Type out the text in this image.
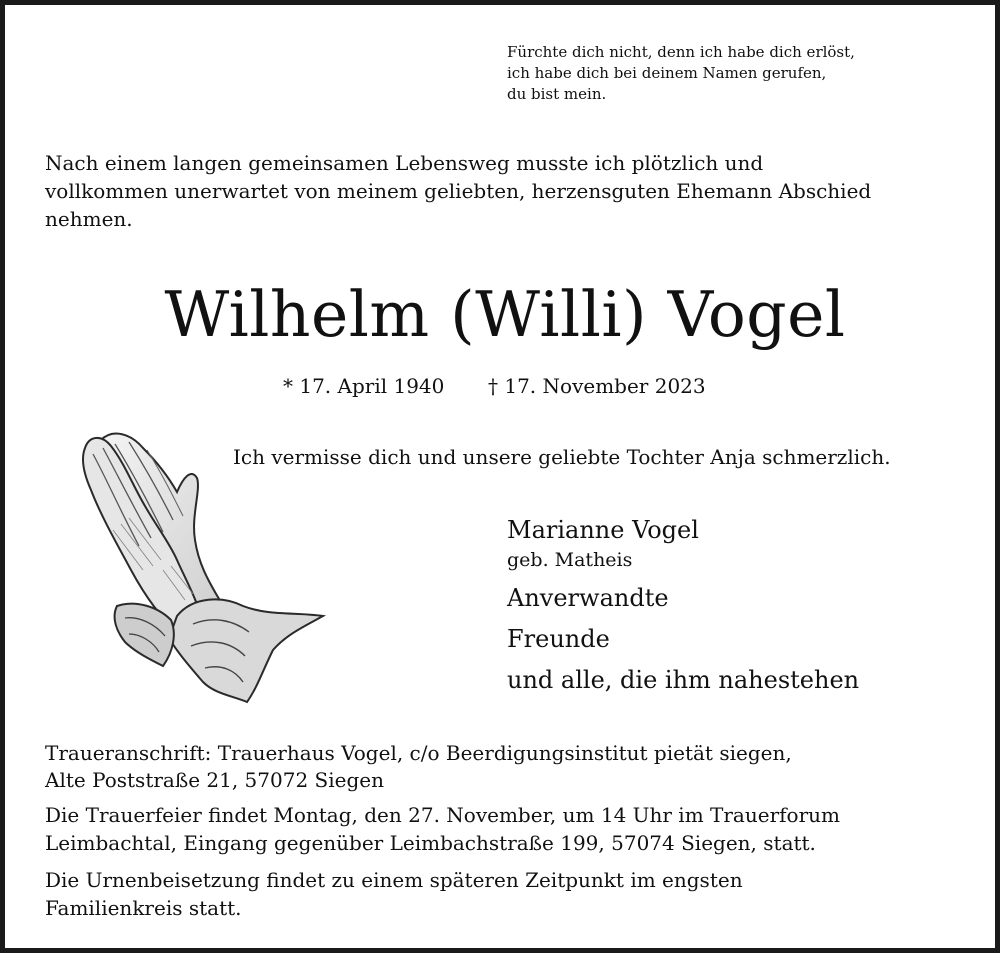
Fürchte dich nicht, denn ich habe dich erlöst,
ich habe dich bei deinem Namen gerufen,
du bist mein.
Nach einem langen gemeinsamen Lebensweg musste ich plötzlich und
vollkommen unerwartet von meinem geliebten, herzensguten Ehemann Abschied
nehmen.
Wilhelm (Willi) Vogel
* 17. April 1940 † 17. November 2023
Ich vermisse dich und unsere geliebte Tochter Anja schmerzlich.
Marianne Vogel
geb. Matheis
Anverwandte
Freunde
und alle, die ihm nahestehen
Traueranschrift: Trauerhaus Vogel, c/o Beerdigungsinstitut pietät siegen,
Alte Poststraße 21, 57072 Siegen
Die Trauerfeier findet Montag, den 27. November, um 14 Uhr im Trauerforum
Leimbachtal, Eingang gegenüber Leimbachstraße 199, 57074 Siegen, statt.
Die Urnenbeisetzung findet zu einem späteren Zeitpunkt im engsten
Familienkreis statt.
